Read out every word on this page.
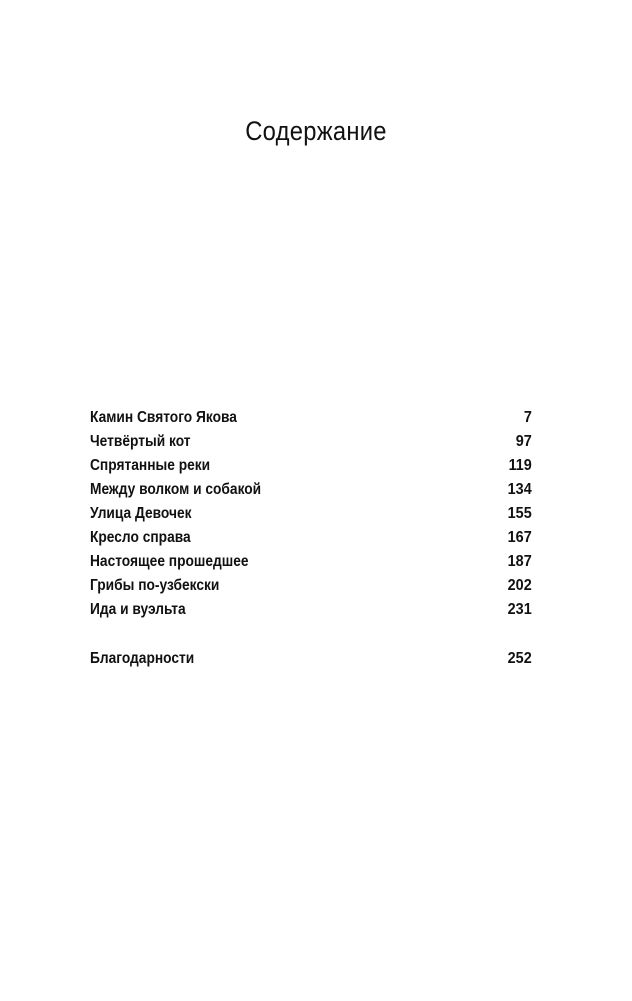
Содержание
Камин Святого Якова	7
Четвёртый кот	97
Спрятанные реки	119
Между волком и собакой	134
Улица Девочек	155
Кресло справа	167
Настоящее прошедшее	187
Грибы по-узбекски	202
Ида и вуэльта	231
Благодарности	252
